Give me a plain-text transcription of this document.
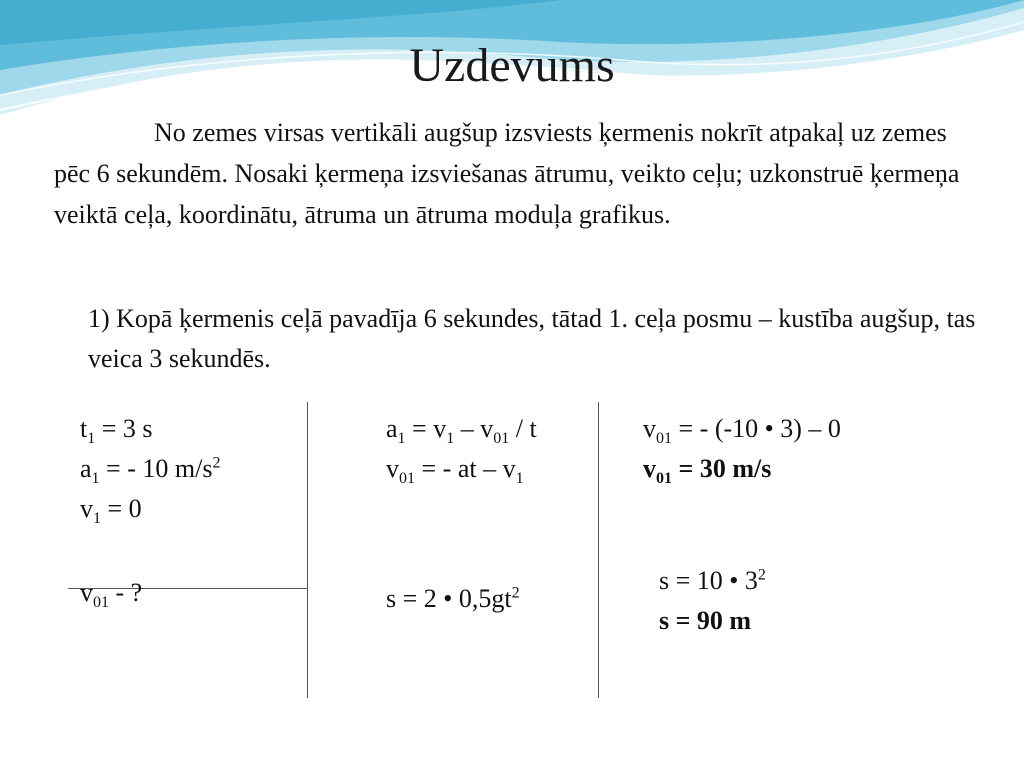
Uzdevums
No zemes virsas vertikāli augšup izsviests ķermenis nokrīt atpakaļ uz zemes pēc 6 sekundēm. Nosaki ķermeņa izsviešanas ātrumu, veikto ceļu; uzkonstruē ķermeņa veiktā ceļa, koordinātu, ātruma un ātruma moduļa grafikus.
1) Kopā ķermenis ceļā pavadīja 6 sekundes, tātad 1. ceļa posmu – kustība augšup, tas veica 3 sekundēs.
$t_1 = 3$ s
$a_1$ = - 10 $m/s^2$
$v_1 = 0$
$v_{01}$ - ?
$a_1 = v_1 - v_{01} / t$
$v_{01}$ = - at – $v_1$
s = 2 • $0,5gt^2$
$v_{01}$ = - (-10 • 3) – 0
$v_{01} = 30$ m/s
s = 10 • $3^2$
s = 90 m
